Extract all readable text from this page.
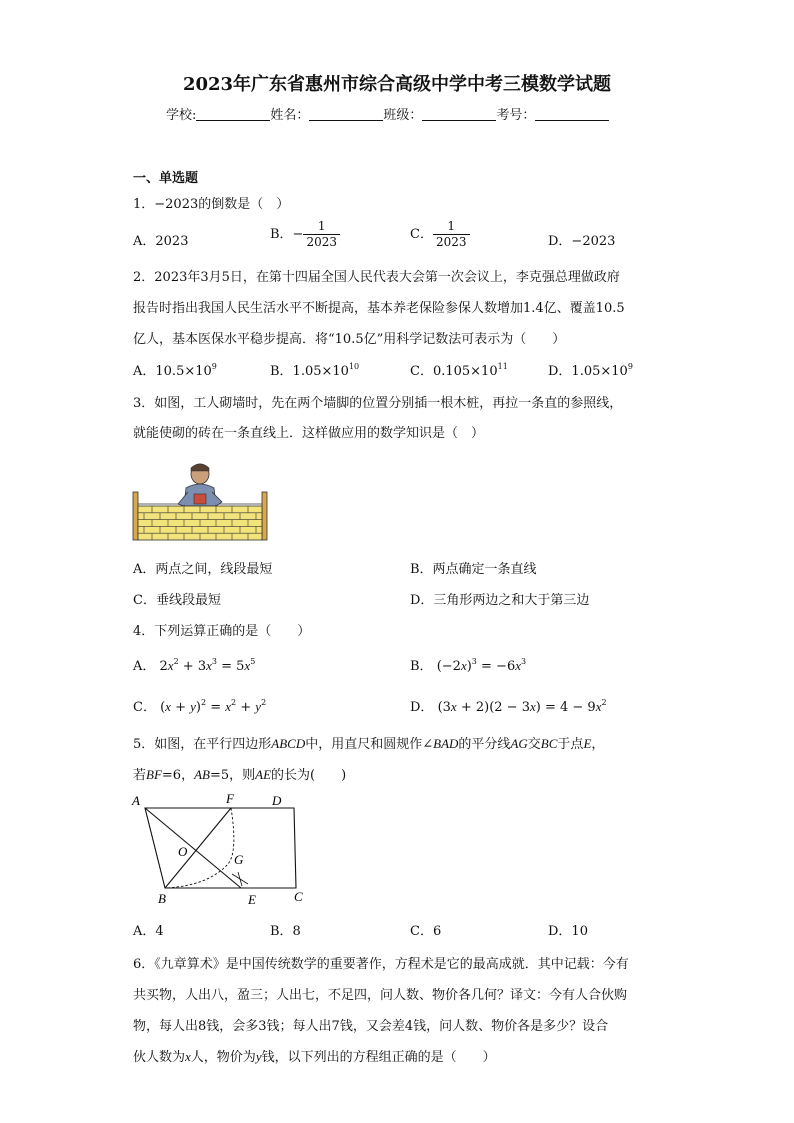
2023年广东省惠州市综合高级中学中考三模数学试题
学校:	姓名：	班级：	考号：
一、单选题
1．−2023的倒数是（　）
A．2023	B．− $\frac{1}{2023}$	C． $\frac{1}{2023}$	D．−2023
2．2023年3月5日，在第十四届全国人民代表大会第一次会议上，李克强总理做政府
报告时指出我国人民生活水平不断提高，基本养老保险参保人数增加1.4亿、覆盖10.5
亿人，基本医保水平稳步提高．将“10.5亿”用科学记数法可表示为（　　）
A．$10.5\times 10^9$	B．$1.05\times 10^{10}$	C．$0.105\times 10^{11}$	D．$1.05\times 10^9$
3．如图，工人砌墙时，先在两个墙脚的位置分别插一根木桩，再拉一条直的参照线，
就能使砌的砖在一条直线上．这样做应用的数学知识是（　）
A．两点之间，线段最短	B．两点确定一条直线
C．垂线段最短	D．三角形两边之和大于第三边
4．下列运算正确的是（　　）
A． $2x^2 + 3x^3 = 5x^5$	B． $(-2x)^3 = -6x^3$
C． $(x + y)^2 = x^2 + y^2$	D． $(3x + 2)(2 - 3x) = 4 - 9x^2$
5．如图，在平行四边形ABCD中，用直尺和圆规作∠BAD的平分线AG交BC于点E，
若BF=6，AB=5，则AE的长为(　　)
A	F	D
O
G
B	E	C
A．4	B．8	C．6	D．10
6．《九章算术》是中国传统数学的重要著作，方程术是它的最高成就．其中记载：今有
共买物，人出八，盈三；人出七，不足四，问人数、物价各几何？译文：今有人合伙购
物，每人出8钱，会多3钱；每人出7钱，又会差4钱，问人数、物价各是多少？设合
伙人数为x人，物价为y钱，以下列出的方程组正确的是（　　）
